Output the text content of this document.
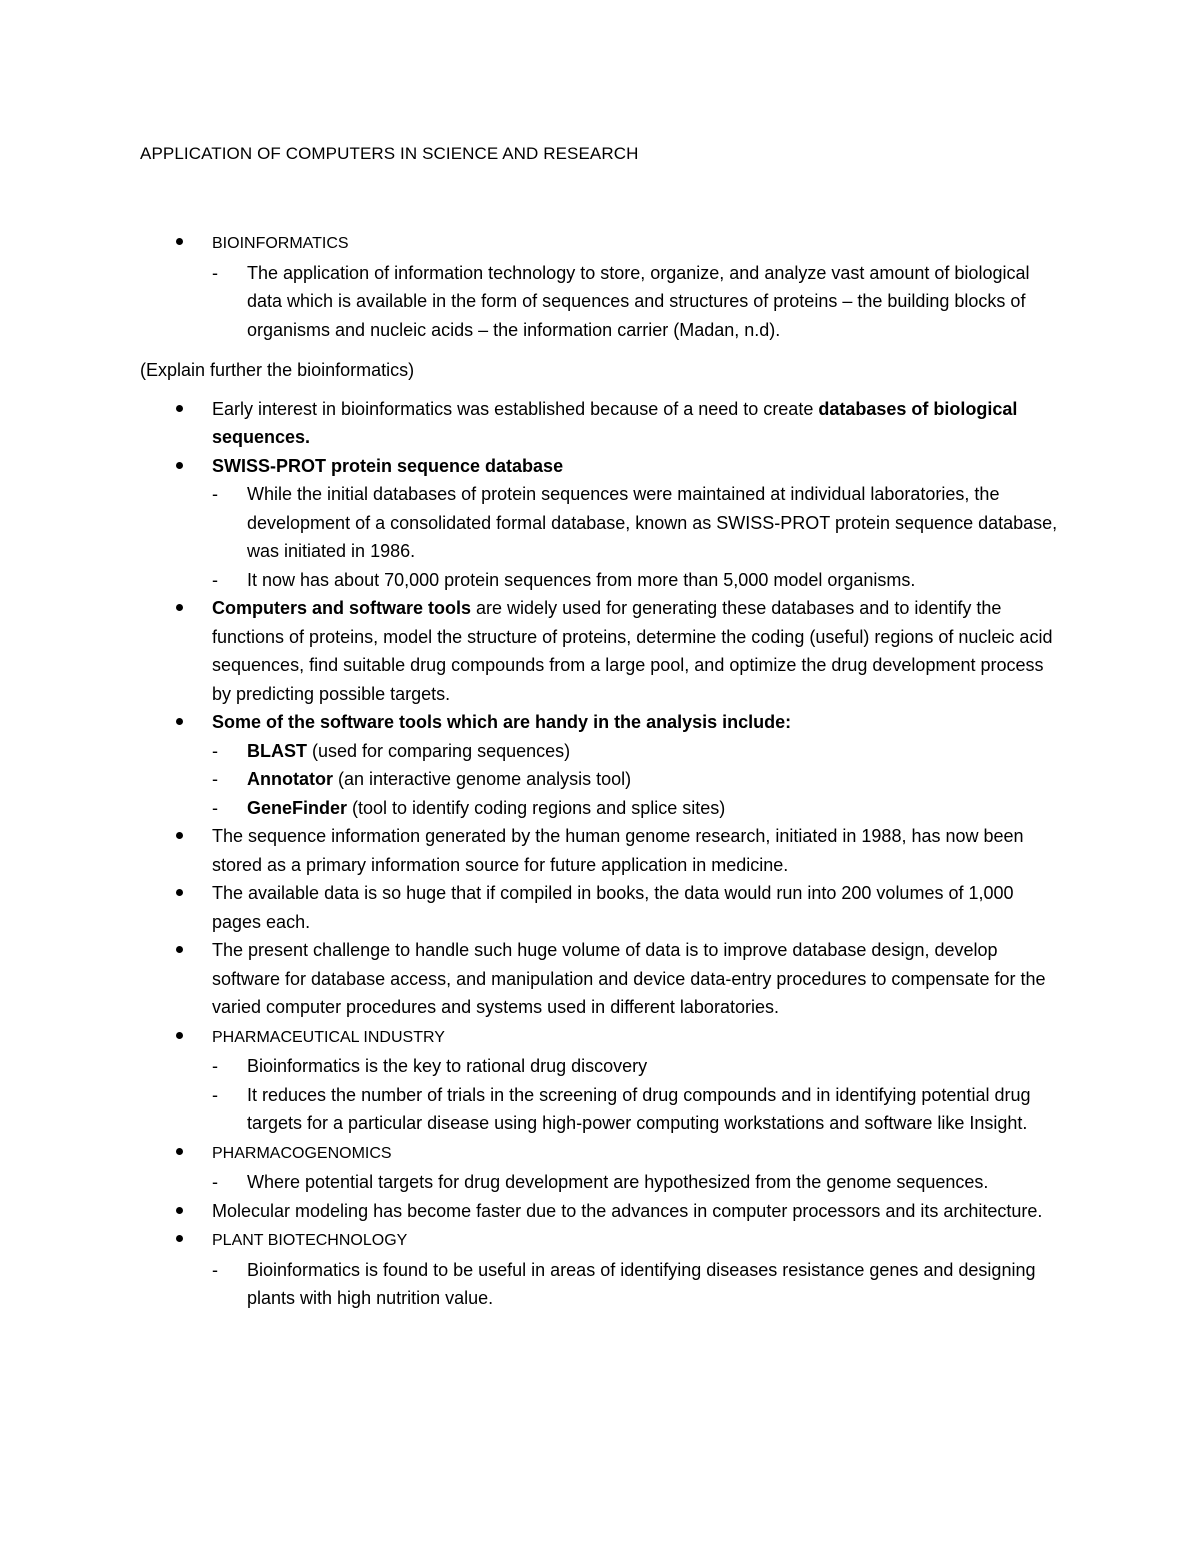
APPLICATION OF COMPUTERS IN SCIENCE AND RESEARCH
BIOINFORMATICS
- The application of information technology to store, organize, and analyze vast amount of biological data which is available in the form of sequences and structures of proteins – the building blocks of organisms and nucleic acids – the information carrier (Madan, n.d).
(Explain further the bioinformatics)
Early interest in bioinformatics was established because of a need to create databases of biological sequences.
SWISS-PROT protein sequence database
- While the initial databases of protein sequences were maintained at individual laboratories, the development of a consolidated formal database, known as SWISS-PROT protein sequence database, was initiated in 1986.
- It now has about 70,000 protein sequences from more than 5,000 model organisms.
Computers and software tools are widely used for generating these databases and to identify the functions of proteins, model the structure of proteins, determine the coding (useful) regions of nucleic acid sequences, find suitable drug compounds from a large pool, and optimize the drug development process by predicting possible targets.
Some of the software tools which are handy in the analysis include:
- BLAST (used for comparing sequences)
- Annotator (an interactive genome analysis tool)
- GeneFinder (tool to identify coding regions and splice sites)
The sequence information generated by the human genome research, initiated in 1988, has now been stored as a primary information source for future application in medicine.
The available data is so huge that if compiled in books, the data would run into 200 volumes of 1,000 pages each.
The present challenge to handle such huge volume of data is to improve database design, develop software for database access, and manipulation and device data-entry procedures to compensate for the varied computer procedures and systems used in different laboratories.
PHARMACEUTICAL INDUSTRY
- Bioinformatics is the key to rational drug discovery
- It reduces the number of trials in the screening of drug compounds and in identifying potential drug targets for a particular disease using high-power computing workstations and software like Insight.
PHARMACOGENOMICS
- Where potential targets for drug development are hypothesized from the genome sequences.
Molecular modeling has become faster due to the advances in computer processors and its architecture.
PLANT BIOTECHNOLOGY
- Bioinformatics is found to be useful in areas of identifying diseases resistance genes and designing plants with high nutrition value.
